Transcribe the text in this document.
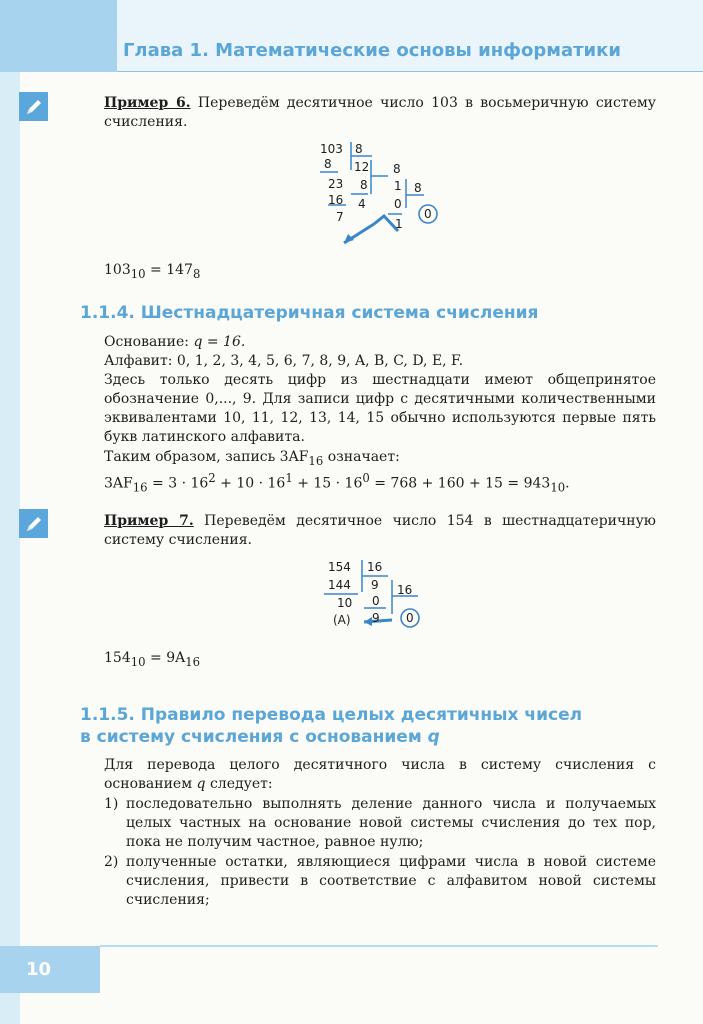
Глава 1. Математические основы информатики

Пример 6. Переведём десятичное число 103 в восьмеричную систему счисления.

103 8
8 12 8
23 8 1 8
16 4 0
0
7	1

$103_{10} = 147_8$

1.1.4. Шестнадцатеричная система счисления

Основание: q = 16.

Алфавит: 0, 1, 2, 3, 4, 5, 6, 7, 8, 9, A, B, C, D, E, F.

Здесь только десять цифр из шестнадцати имеют общепринятое обозначение 0,..., 9. Для записи цифр с десятичными количественными эквивалентами 10, 11, 12, 13, 14, 15 обычно используются первые пять букв латинского алфавита.

Таким образом, запись $3AF_{16}$ означает:

$3AF_{16} = 3 \cdot 16^2 + 10 \cdot 16^1 + 15 \cdot 16^0 = 768 + 160 + 15 = 943_{10}$.

Пример 7. Переведём десятичное число 154 в шестнадцатеричную систему счисления.

154 16
144 9 16
10 0
(A) 9 0

$154_{10} = 9A_{16}$

1.1.5. Правило перевода целых десятичных чисел
в систему счисления с основанием q

Для перевода целого десятичного числа в систему счисления с основанием q следует:

1) последовательно выполнять деление данного числа и получаемых целых частных на основание новой системы счисления до тех пор, пока не получим частное, равное нулю;
2) полученные остатки, являющиеся цифрами числа в новой системе счисления, привести в соответствие с алфавитом новой системы счисления;
10
